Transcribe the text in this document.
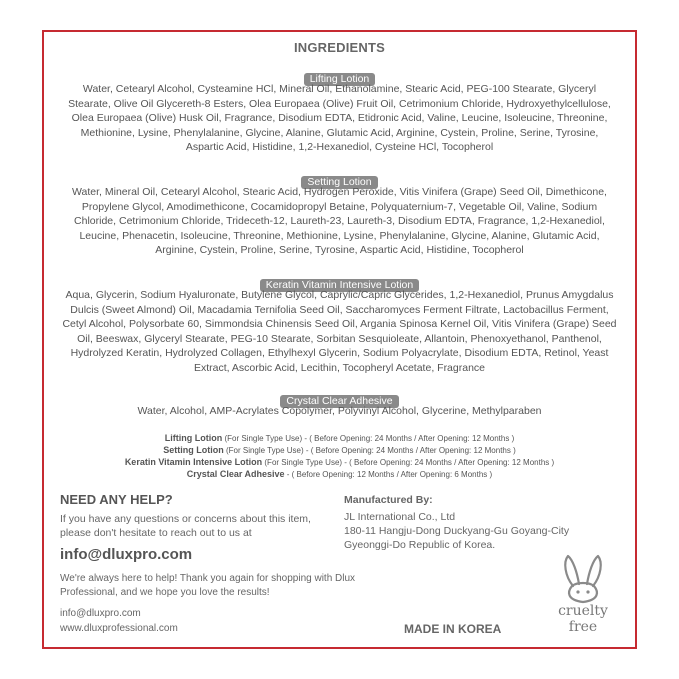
INGREDIENTS
Lifting Lotion
Water, Cetearyl Alcohol, Cysteamine HCl, Mineral Oil, Ethanolamine, Stearic Acid, PEG-100 Stearate, Glyceryl Stearate, Olive Oil Glycereth-8 Esters, Olea Europaea (Olive) Fruit Oil, Cetrimonium Chloride, Hydroxyethylcellulose, Olea Europaea (Olive) Husk Oil, Fragrance, Disodium EDTA, Etidronic Acid, Valine, Leucine, Isoleucine, Threonine, Methionine, Lysine, Phenylalanine, Glycine, Alanine, Glutamic Acid, Arginine, Cystein, Proline, Serine, Tyrosine, Aspartic Acid, Histidine, 1,2-Hexanediol, Cysteine HCl, Tocopherol
Setting Lotion
Water, Mineral Oil, Cetearyl Alcohol, Stearic Acid, Hydrogen Peroxide, Vitis Vinifera (Grape) Seed Oil, Dimethicone, Propylene Glycol, Amodimethicone, Cocamidopropyl Betaine, Polyquaternium-7, Vegetable Oil, Valine, Sodium Chloride, Cetrimonium Chloride, Trideceth-12, Laureth-23, Laureth-3, Disodium EDTA, Fragrance, 1,2-Hexanediol, Leucine, Phenacetin, Isoleucine, Threonine, Methionine, Lysine, Phenylalanine, Glycine, Alanine, Glutamic Acid, Arginine, Cystein, Proline, Serine, Tyrosine, Aspartic Acid, Histidine, Tocopherol
Keratin Vitamin Intensive Lotion
Aqua, Glycerin, Sodium Hyaluronate, Butylene Glycol, Caprylic/Capric Glycerides, 1,2-Hexanediol, Prunus Amygdalus Dulcis (Sweet Almond) Oil, Macadamia Ternifolia Seed Oil, Saccharomyces Ferment Filtrate, Lactobacillus Ferment, Cetyl Alcohol, Polysorbate 60, Simmondsia Chinensis Seed Oil, Argania Spinosa Kernel Oil, Vitis Vinifera (Grape) Seed Oil, Beeswax, Glyceryl Stearate, PEG-10 Stearate, Sorbitan Sesquioleate, Allantoin, Phenoxyethanol, Panthenol, Hydrolyzed Keratin, Hydrolyzed Collagen, Ethylhexyl Glycerin, Sodium Polyacrylate, Disodium EDTA, Retinol, Yeast Extract, Ascorbic Acid, Lecithin, Tocopheryl Acetate, Fragrance
Crystal Clear Adhesive
Water, Alcohol, AMP-Acrylates Copolymer, Polyvinyl Alcohol, Glycerine, Methylparaben
Lifting Lotion (For Single Type Use) - ( Before Opening: 24 Months / After Opening: 12 Months )
Setting Lotion (For Single Type Use) - ( Before Opening: 24 Months / After Opening: 12 Months )
Keratin Vitamin Intensive Lotion (For Single Type Use) - ( Before Opening: 24 Months / After Opening: 12 Months )
Crystal Clear Adhesive - ( Before Opening: 12 Months / After Opening: 6 Months )
NEED ANY HELP?
If you have any questions or concerns about this item, please don't hesitate to reach out to us at
info@dluxpro.com
We're always here to help! Thank you again for shopping with Dlux Professional, and we hope you love the results!
info@dluxpro.com
www.dluxprofessional.com
Manufactured By:
JL International Co., Ltd
180-11 Hangju-Dong Duckyang-Gu Goyang-City
Gyeonggi-Do Republic of Korea.
MADE IN KOREA
cruelty
free
